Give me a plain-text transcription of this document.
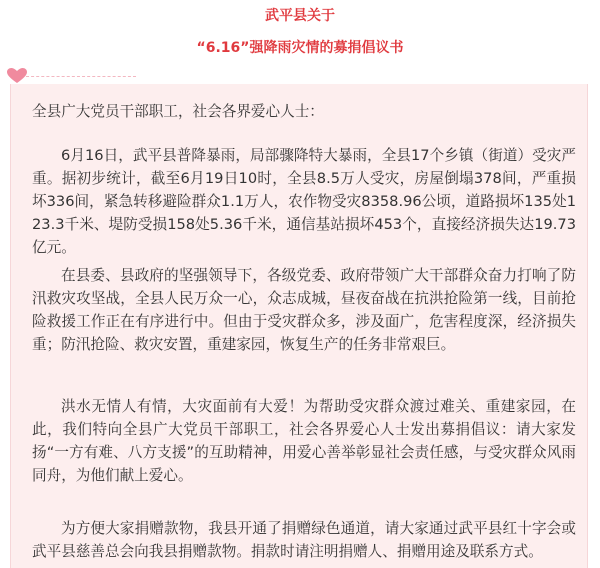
武平县关于
“6.16”强降雨灾情的募捐倡议书

全县广大党员干部职工，社会各界爱心人士：

6月16日，武平县普降暴雨，局部骤降特大暴雨，全县17个乡镇（街道）受灾严重。据初步统计，截至6月19日10时，全县8.5万人受灾，房屋倒塌378间，严重损坏336间，紧急转移避险群众1.1万人，农作物受灾8358.96公顷，道路损坏135处123.3千米、堤防受损158处5.36千米，通信基站损坏453个，直接经济损失达19.73亿元。

在县委、县政府的坚强领导下，各级党委、政府带领广大干部群众奋力打响了防汛救灾攻坚战，全县人民万众一心，众志成城，昼夜奋战在抗洪抢险第一线，目前抢险救援工作正在有序进行中。但由于受灾群众多，涉及面广，危害程度深，经济损失重；防汛抢险、救灾安置，重建家园，恢复生产的任务非常艰巨。

洪水无情人有情，大灾面前有大爱！为帮助受灾群众渡过难关、重建家园，在此，我们特向全县广大党员干部职工，社会各界爱心人士发出募捐倡议：请大家发扬“一方有难、八方支援”的互助精神，用爱心善举彰显社会责任感，与受灾群众风雨同舟，为他们献上爱心。

为方便大家捐赠款物，我县开通了捐赠绿色通道，请大家通过武平县红十字会或武平县慈善总会向我县捐赠款物。捐款时请注明捐赠人、捐赠用途及联系方式。
